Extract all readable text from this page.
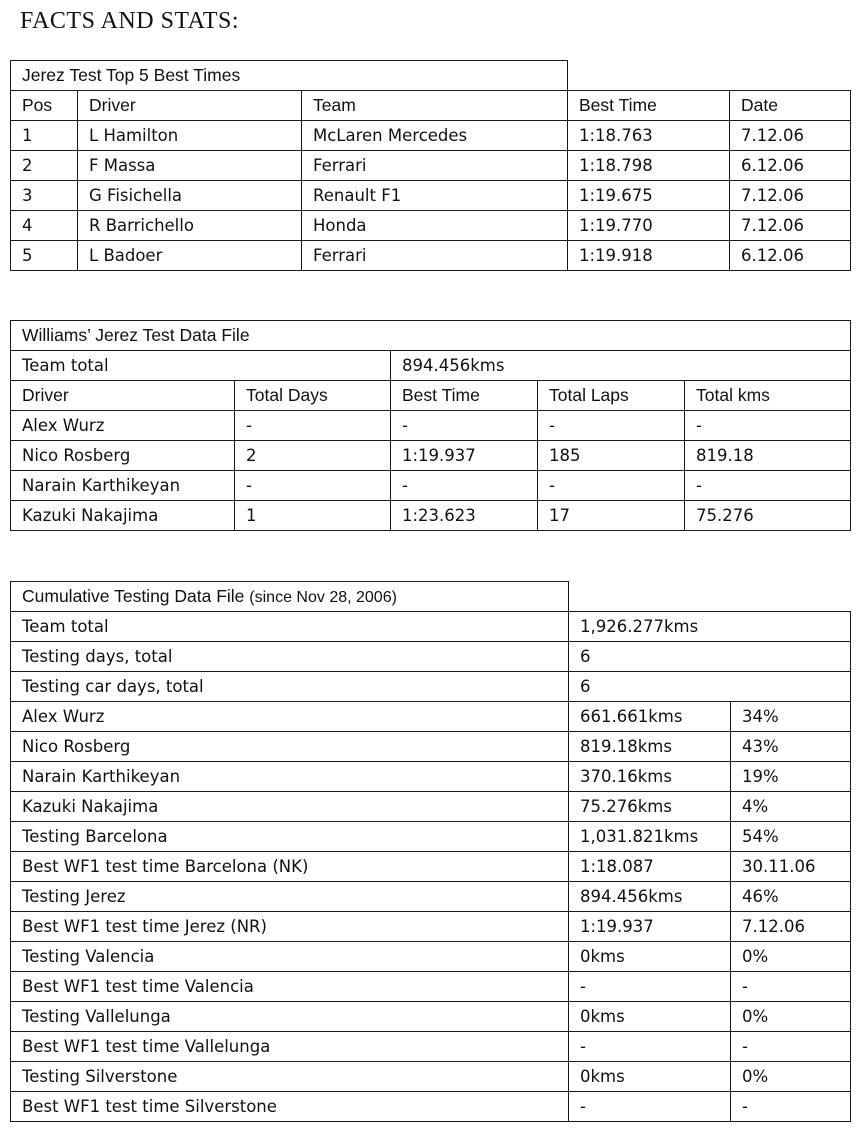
FACTS AND STATS:
Jerez Test Top 5 Best Times				
Pos	Driver	Team	Best Time	Date
1	L Hamilton	McLaren Mercedes	1:18.763	7.12.06
2	F Massa	Ferrari	1:18.798	6.12.06
3	G Fisichella	Renault F1	1:19.675	7.12.06
4	R Barrichello	Honda	1:19.770	7.12.06
5	L Badoer	Ferrari	1:19.918	6.12.06
Williams’ Jerez Test Data File				
Team total		894.456kms		
Driver	Total Days	Best Time	Total Laps	Total kms
Alex Wurz	-	-	-	-
Nico Rosberg	2	1:19.937	185	819.18
Narain Karthikeyan	-	-	-	-
Kazuki Nakajima	1	1:23.623	17	75.276
Cumulative Testing Data File (since Nov 28, 2006)		
Team total	1,926.277kms	
Testing days, total	6	
Testing car days, total	6	
Alex Wurz	661.661kms	34%
Nico Rosberg	819.18kms	43%
Narain Karthikeyan	370.16kms	19%
Kazuki Nakajima	75.276kms	4%
Testing Barcelona	1,031.821kms	54%
Best WF1 test time Barcelona (NK)	1:18.087	30.11.06
Testing Jerez	894.456kms	46%
Best WF1 test time Jerez (NR)	1:19.937	7.12.06
Testing Valencia	0kms	0%
Best WF1 test time Valencia	-	-
Testing Vallelunga	0kms	0%
Best WF1 test time Vallelunga	-	-
Testing Silverstone	0kms	0%
Best WF1 test time Silverstone	-	-
